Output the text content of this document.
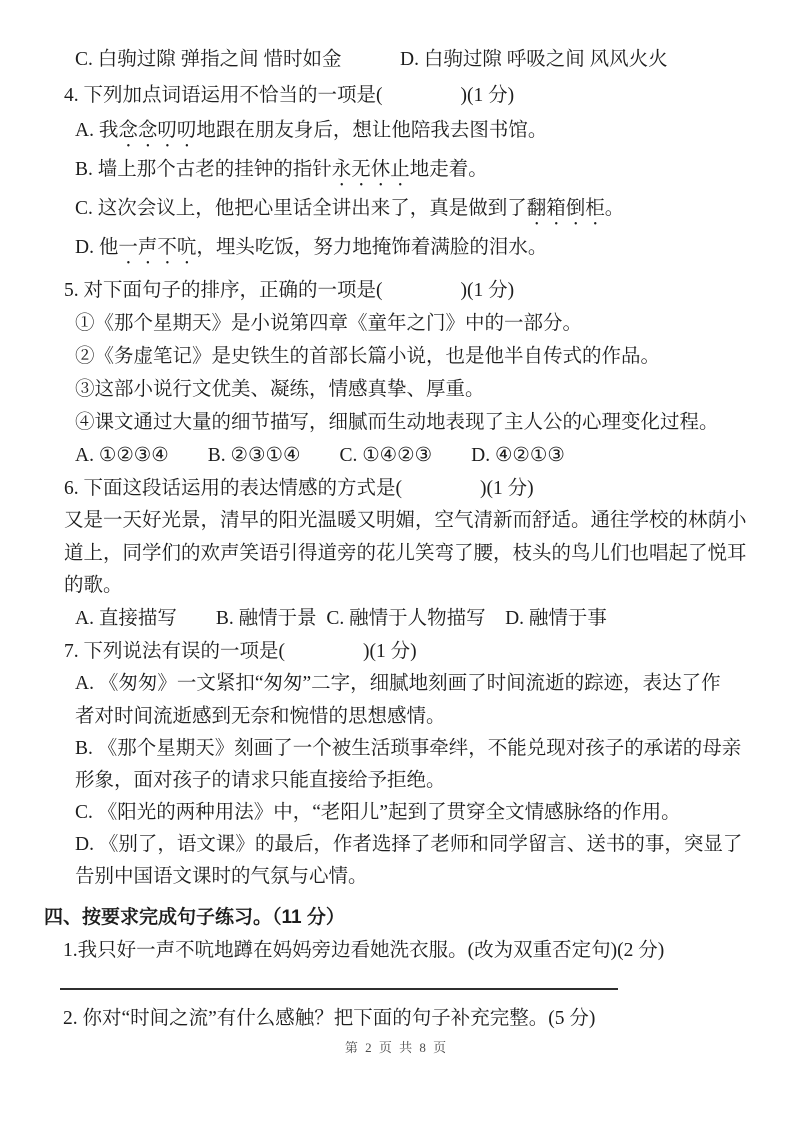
C. 白驹过隙 弹指之间 惜时如金　　　D. 白驹过隙 呼吸之间 风风火火
4. 下列加点词语运用不恰当的一项是(　　　　)(1 分)
A. 我念念叨叨地跟在朋友身后，想让他陪我去图书馆。
B. 墙上那个古老的挂钟的指针永无休止地走着。
C. 这次会议上，他把心里话全讲出来了，真是做到了翻箱倒柜。
D. 他一声不吭，埋头吃饭，努力地掩饰着满脸的泪水。
5. 对下面句子的排序，正确的一项是(　　　　)(1 分)
①《那个星期天》是小说第四章《童年之门》中的一部分。
②《务虚笔记》是史铁生的首部长篇小说，也是他半自传式的作品。
③这部小说行文优美、凝练，情感真挚、厚重。
④课文通过大量的细节描写，细腻而生动地表现了主人公的心理变化过程。
A. ①②③④　　B. ②③①④　　C. ①④②③　　D. ④②①③
6. 下面这段话运用的表达情感的方式是(　　　　)(1 分)
又是一天好光景，清早的阳光温暖又明媚，空气清新而舒适。通往学校的林荫小
道上，同学们的欢声笑语引得道旁的花儿笑弯了腰，枝头的鸟儿们也唱起了悦耳
的歌。
A. 直接描写　　B. 融情于景  C. 融情于人物描写　D. 融情于事
7. 下列说法有误的一项是(　　　　)(1 分)
A. 《匆匆》一文紧扣“匆匆”二字，细腻地刻画了时间流逝的踪迹，表达了作
者对时间流逝感到无奈和惋惜的思想感情。
B. 《那个星期天》刻画了一个被生活琐事牵绊，不能兑现对孩子的承诺的母亲
形象，面对孩子的请求只能直接给予拒绝。
C. 《阳光的两种用法》中，“老阳儿”起到了贯穿全文情感脉络的作用。
D. 《别了，语文课》的最后，作者选择了老师和同学留言、送书的事，突显了
告别中国语文课时的气氛与心情。
四、按要求完成句子练习。（11 分）
1.我只好一声不吭地蹲在妈妈旁边看她洗衣服。(改为双重否定句)(2 分)
2. 你对“时间之流”有什么感触？把下面的句子补充完整。(5 分)
第 2 页 共 8 页
